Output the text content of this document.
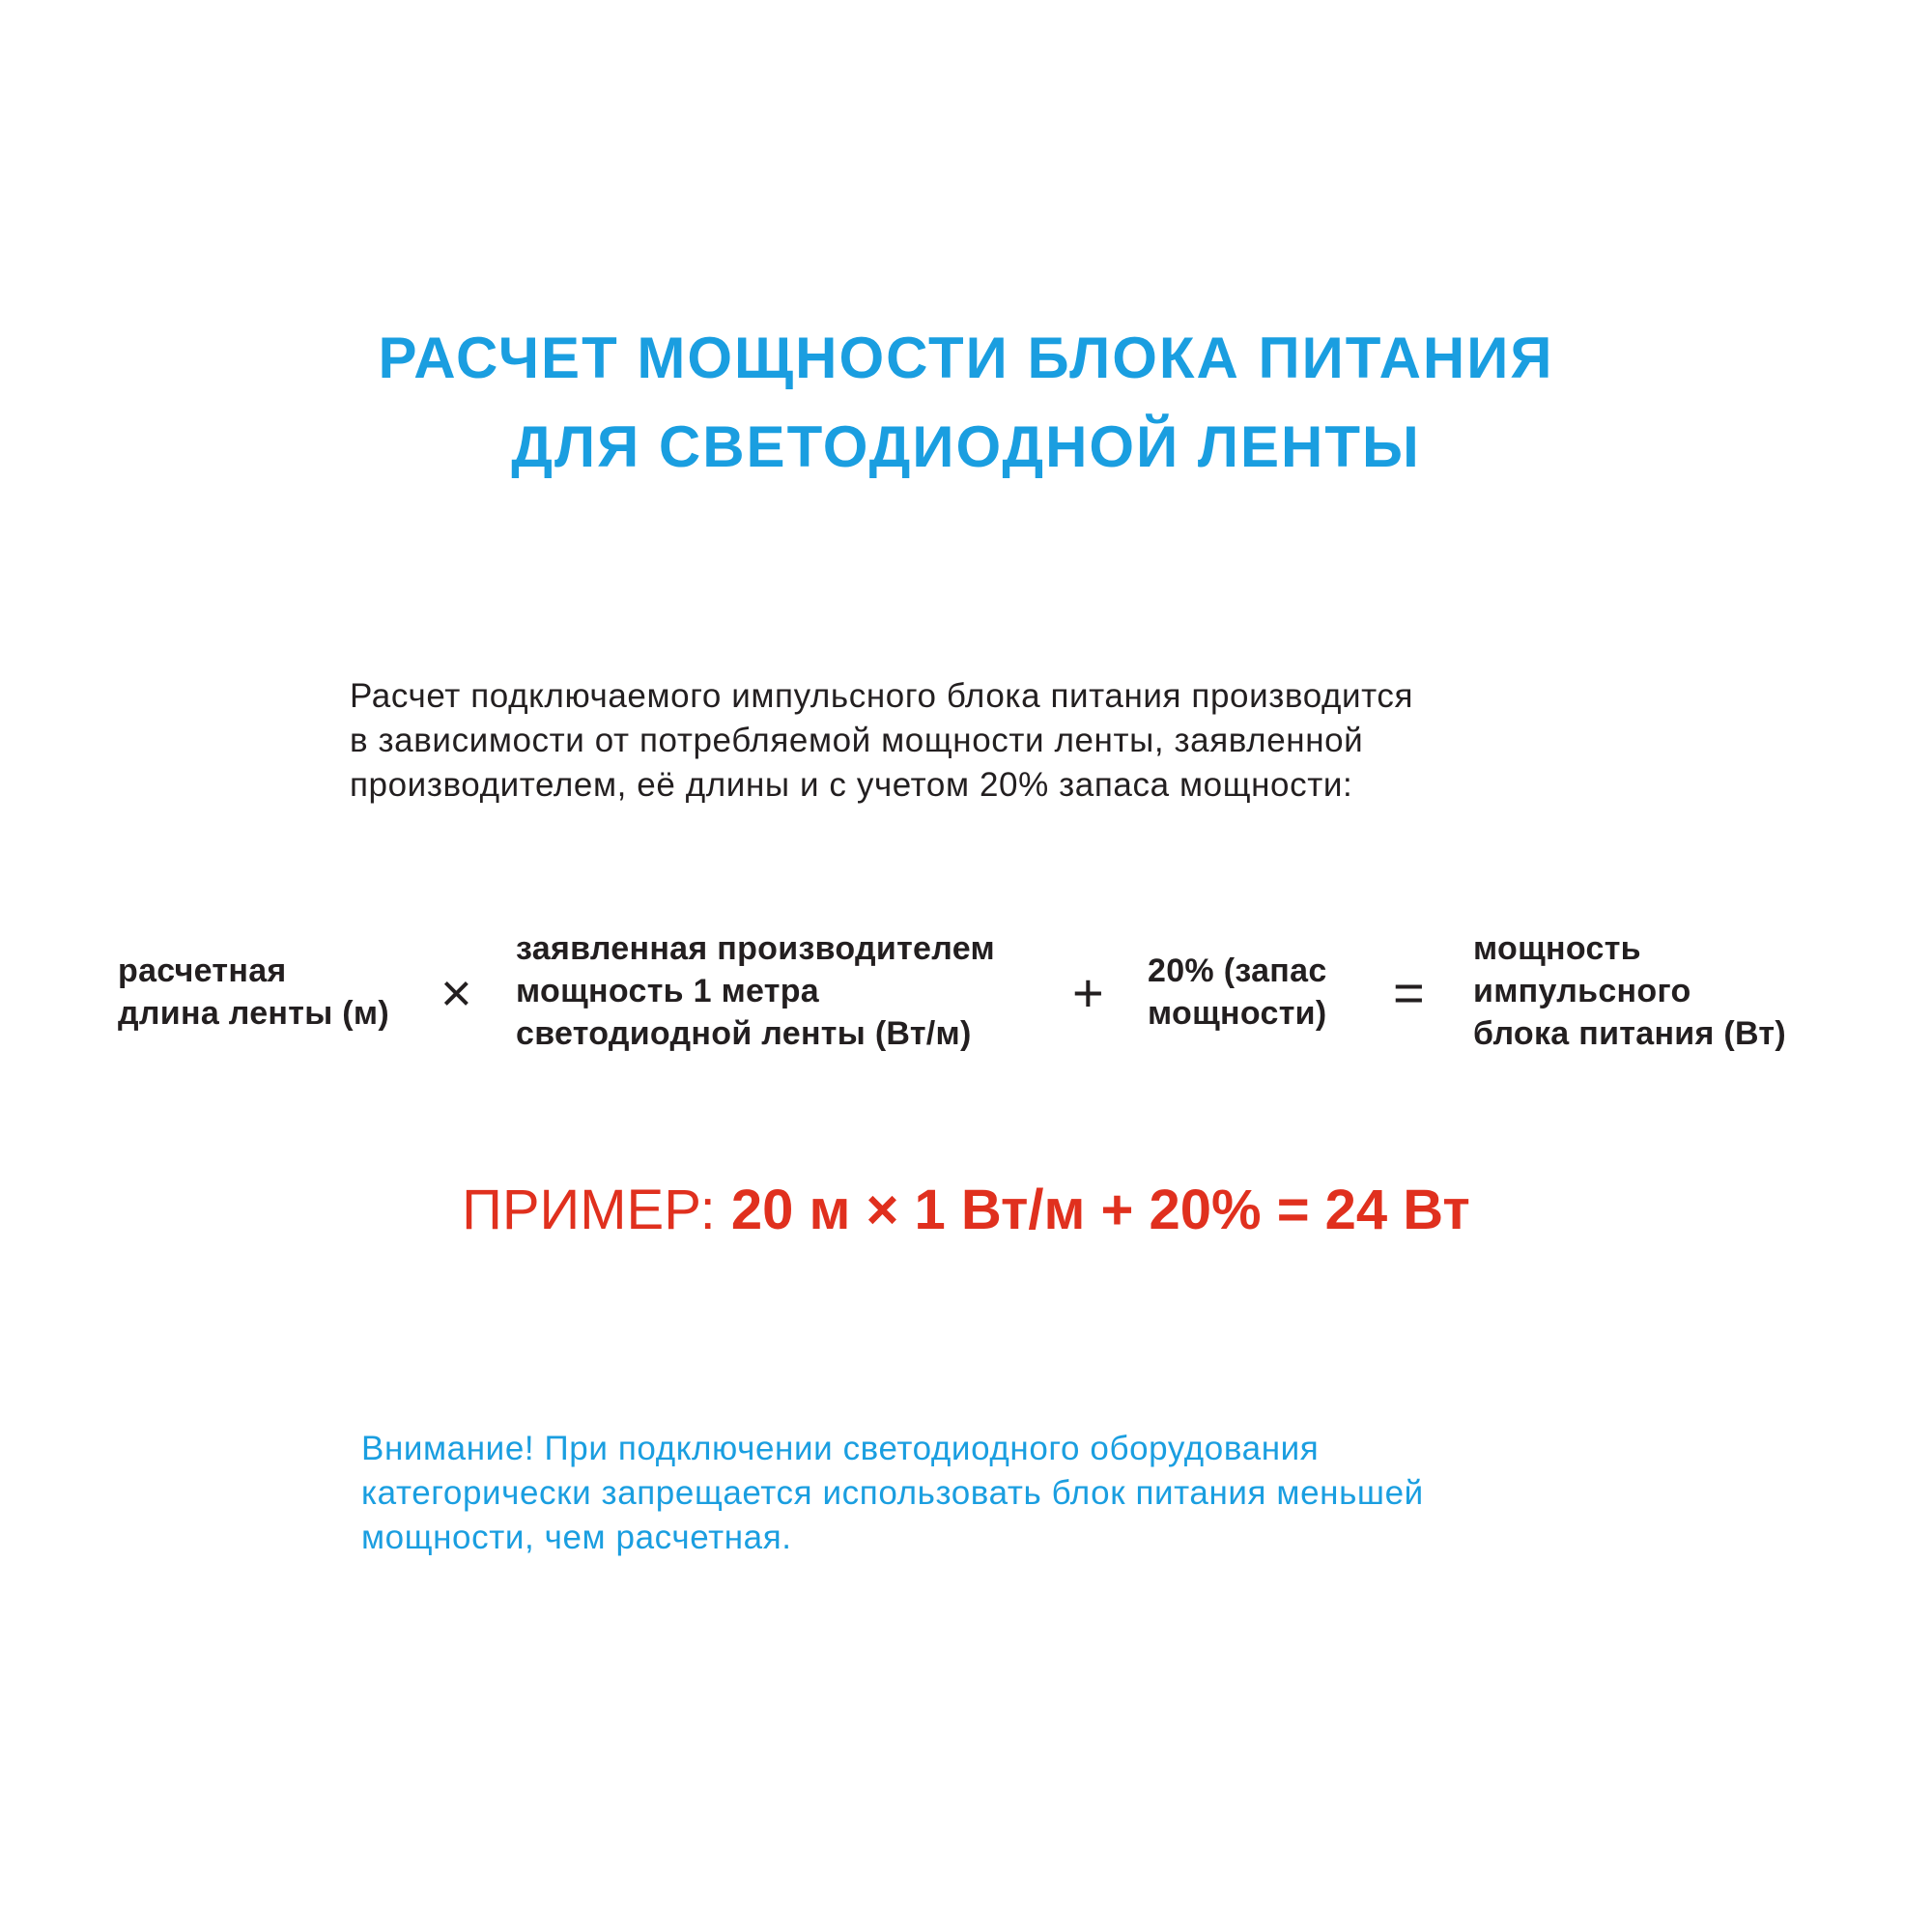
РАСЧЕТ МОЩНОСТИ БЛОКА ПИТАНИЯ
ДЛЯ СВЕТОДИОДНОЙ ЛЕНТЫ
Расчет подключаемого импульсного блока питания производится
в зависимости от потребляемой мощности ленты, заявленной
производителем, её длины и с учетом 20% запаса мощности:
расчетная
длина ленты (м) ×
заявленная производителем
мощность 1 метра
светодиодной ленты (Вт/м)
+ 20% (запас
мощности) =
мощность
импульсного
блока питания (Вт)
ПРИМЕР: 20 м × 1 Вт/м + 20% = 24 Вт
Внимание! При подключении светодиодного оборудования
категорически запрещается использовать блок питания меньшей
мощности, чем расчетная.
